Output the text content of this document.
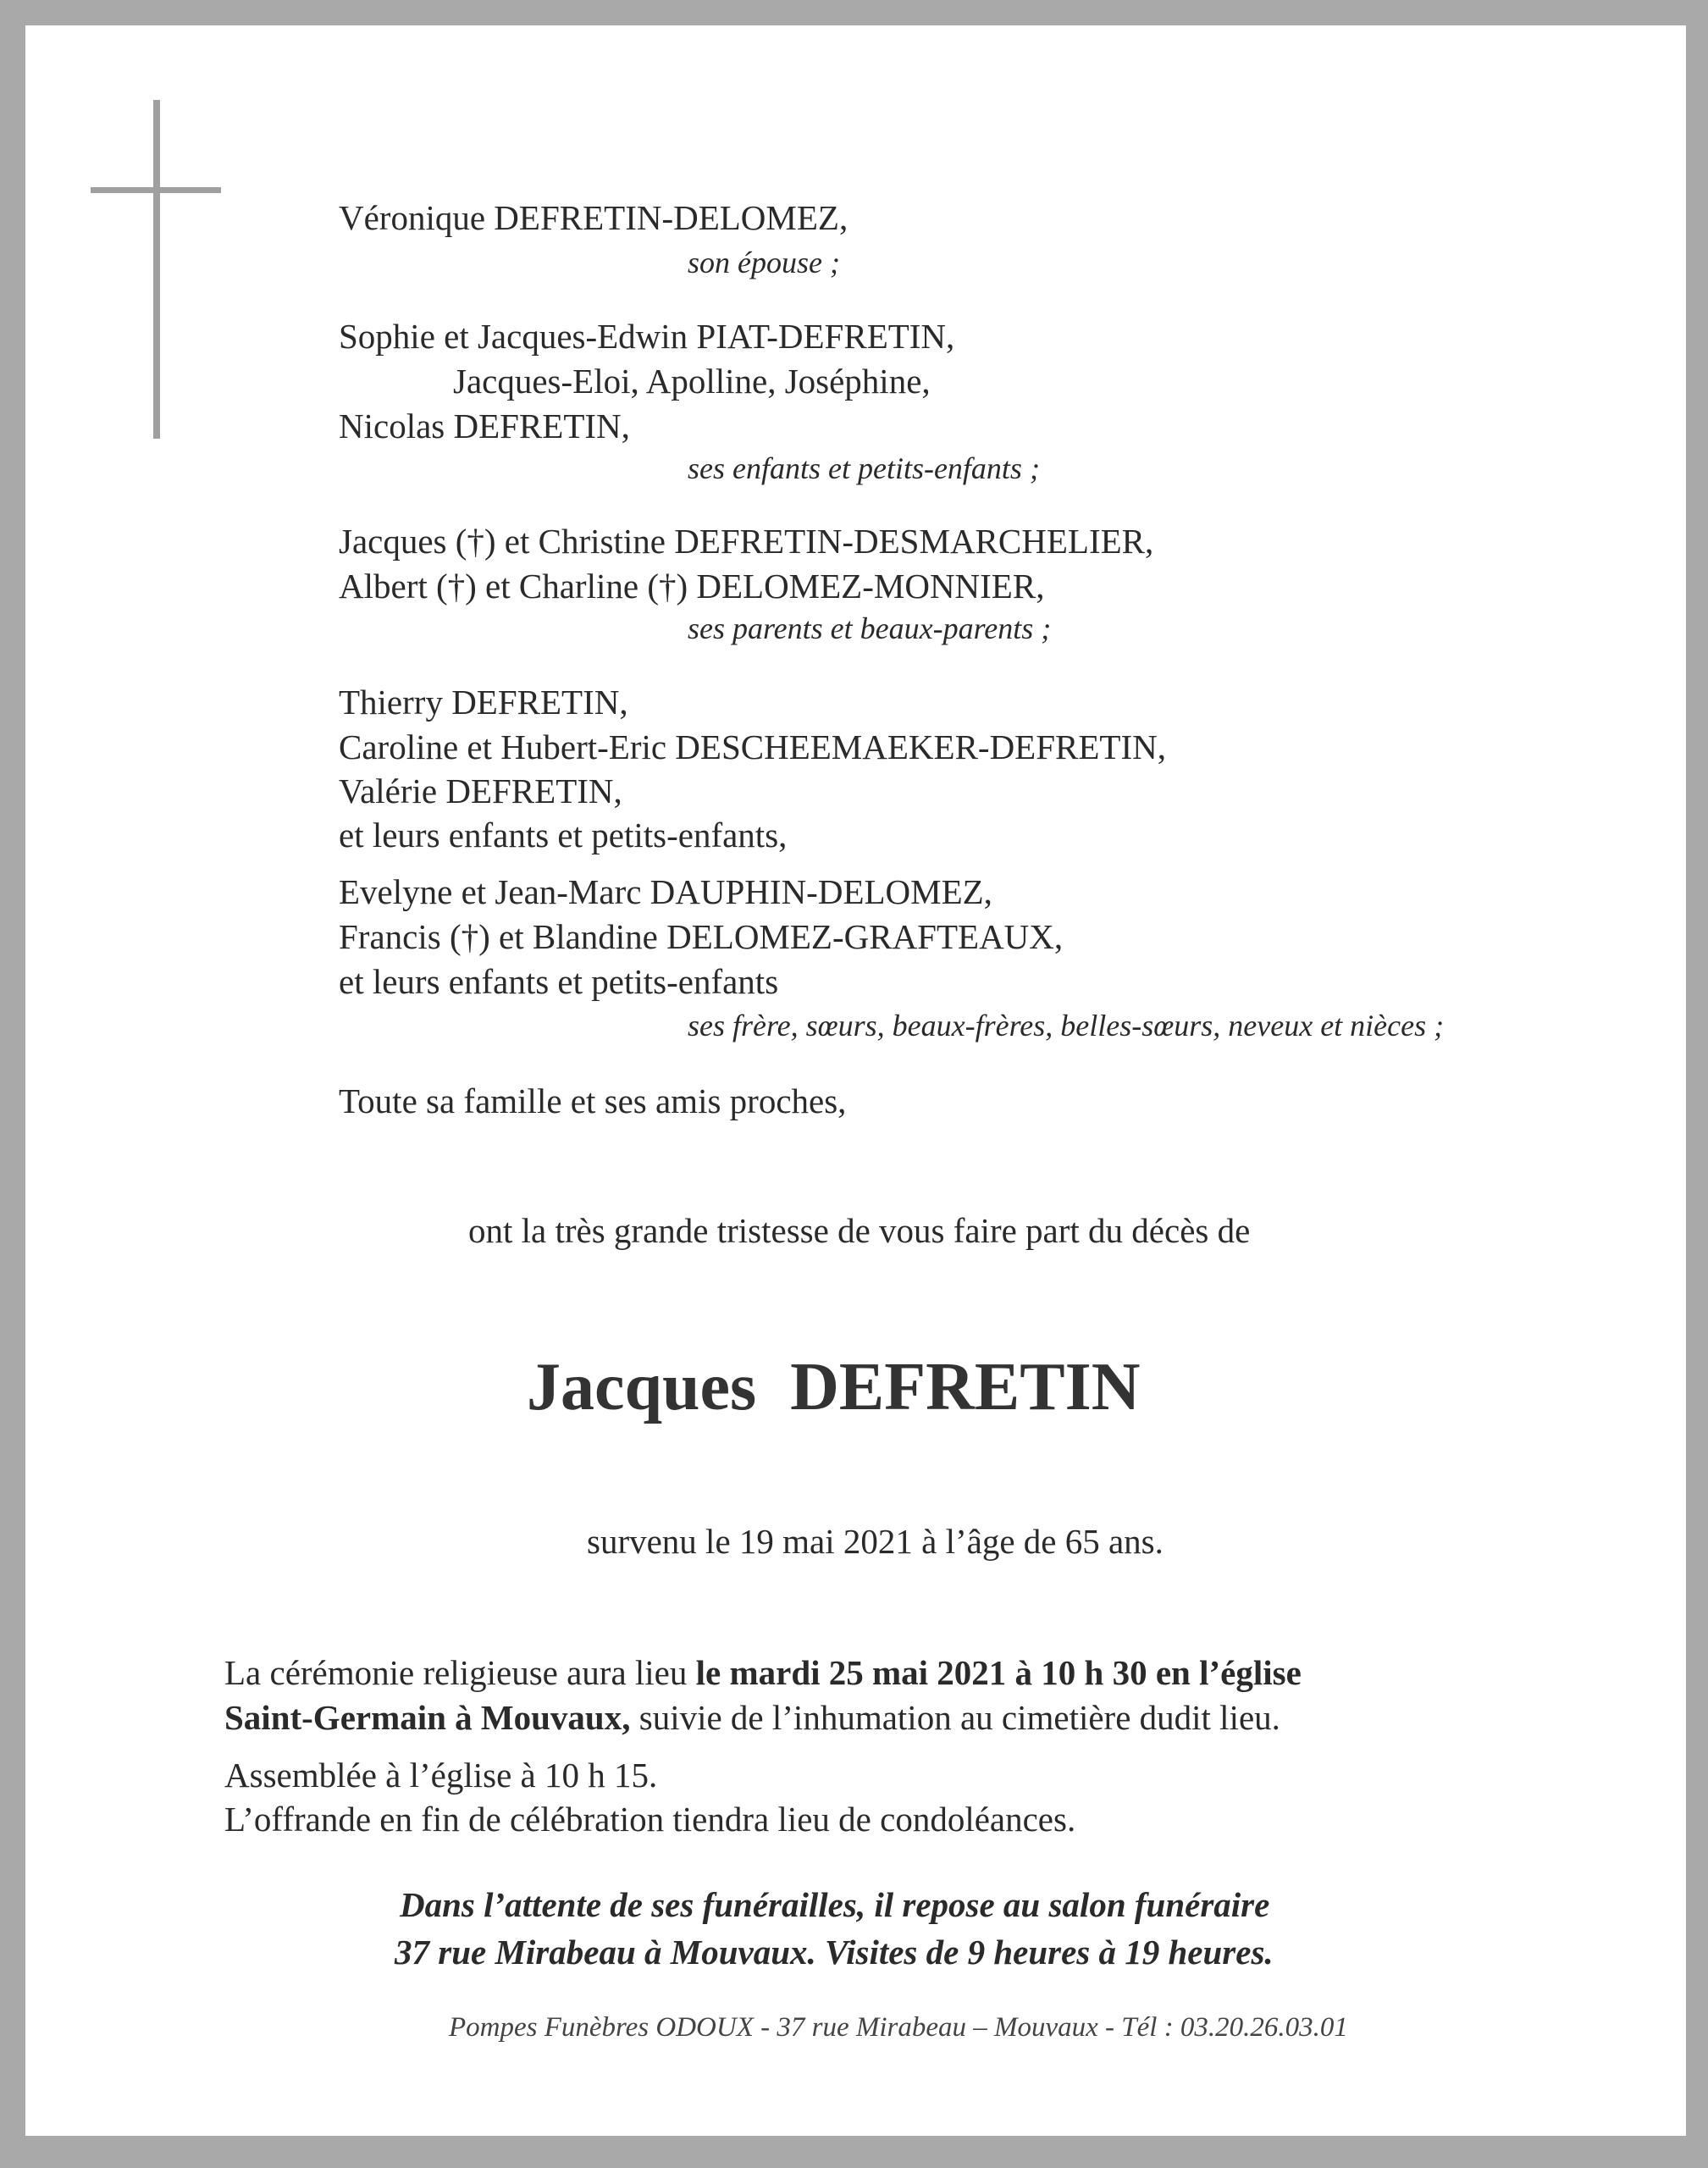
Véronique DEFRETIN-DELOMEZ,
son épouse ;
Sophie et Jacques-Edwin PIAT-DEFRETIN,
Jacques-Eloi, Apolline, Joséphine,
Nicolas DEFRETIN,
ses enfants et petits-enfants ;
Jacques (†) et Christine DEFRETIN-DESMARCHELIER,
Albert (†) et Charline (†) DELOMEZ-MONNIER,
ses parents et beaux-parents ;
Thierry DEFRETIN,
Caroline et Hubert-Eric DESCHEEMAEKER-DEFRETIN,
Valérie DEFRETIN,
et leurs enfants et petits-enfants,
Evelyne et Jean-Marc DAUPHIN-DELOMEZ,
Francis (†) et Blandine DELOMEZ-GRAFTEAUX,
et leurs enfants et petits-enfants
ses frère, sœurs, beaux-frères, belles-sœurs, neveux et nièces ;
Toute sa famille et ses amis proches,
ont la très grande tristesse de vous faire part du décès de
Jacques DEFRETIN
survenu le 19 mai 2021 à l’âge de 65 ans.
La cérémonie religieuse aura lieu le mardi 25 mai 2021 à 10 h 30 en l’église
Saint-Germain à Mouvaux, suivie de l’inhumation au cimetière dudit lieu.
Assemblée à l’église à 10 h 15.
L’offrande en fin de célébration tiendra lieu de condoléances.
Dans l’attente de ses funérailles, il repose au salon funéraire
37 rue Mirabeau à Mouvaux. Visites de 9 heures à 19 heures.
Pompes Funèbres ODOUX - 37 rue Mirabeau – Mouvaux - Tél : 03.20.26.03.01
